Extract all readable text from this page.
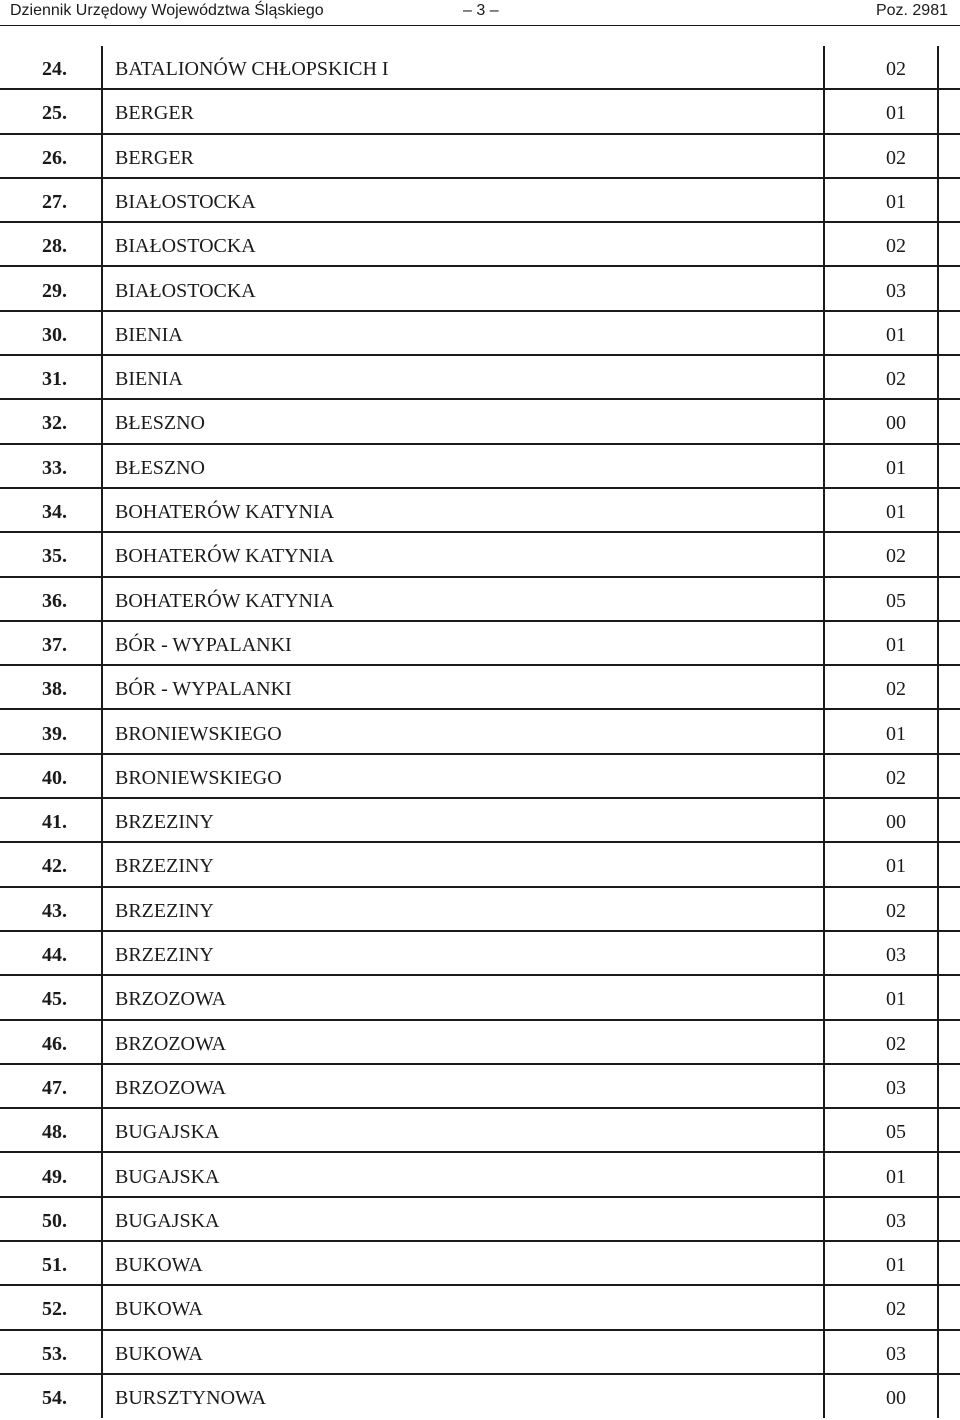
Dziennik Urzędowy Województwa Śląskiego	– 3 –	Poz. 2981
54.	BURSZTYNOWA	00
53.	BUKOWA	03
52.	BUKOWA	02
51.	BUKOWA	01
50.	BUGAJSKA	03
49.	BUGAJSKA	01
48.	BUGAJSKA	05
47.	BRZOZOWA	03
46.	BRZOZOWA	02
45.	BRZOZOWA	01
44.	BRZEZINY	03
43.	BRZEZINY	02
42.	BRZEZINY	01
41.	BRZEZINY	00
40.	BRONIEWSKIEGO	02
39.	BRONIEWSKIEGO	01
38.	BÓR - WYPALANKI	02
37.	BÓR - WYPALANKI	01
36.	BOHATERÓW KATYNIA	05
35.	BOHATERÓW KATYNIA	02
34.	BOHATERÓW KATYNIA	01
33.	BŁESZNO	01
32.	BŁESZNO	00
31.	BIENIA	02
30.	BIENIA	01
29.	BIAŁOSTOCKA	03
28.	BIAŁOSTOCKA	02
27.	BIAŁOSTOCKA	01
26.	BERGER	02
25.	BERGER	01
24.	BATALIONÓW CHŁOPSKICH I	02
